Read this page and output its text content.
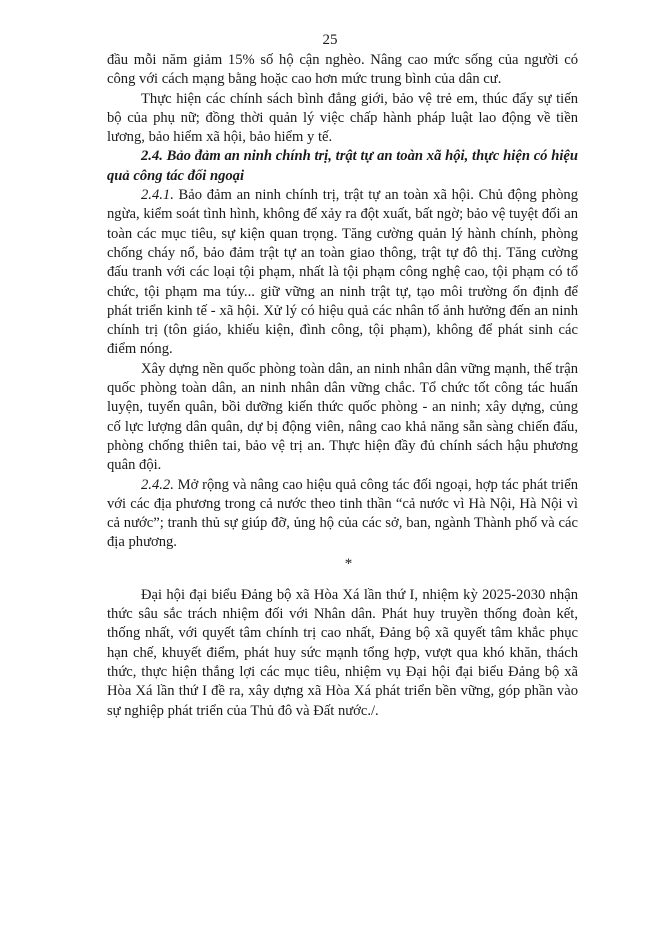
25

đầu mỗi năm giảm 15% số hộ cận nghèo. Nâng cao mức sống của người có công với cách mạng bằng hoặc cao hơn mức trung bình của dân cư.

Thực hiện các chính sách bình đẳng giới, bảo vệ trẻ em, thúc đẩy sự tiến bộ của phụ nữ; đồng thời quản lý việc chấp hành pháp luật lao động về tiền lương, bảo hiểm xã hội, bảo hiểm y tế.

2.4. Bảo đảm an ninh chính trị, trật tự an toàn xã hội, thực hiện có hiệu quả công tác đối ngoại

2.4.1. Bảo đảm an ninh chính trị, trật tự an toàn xã hội. Chủ động phòng ngừa, kiểm soát tình hình, không để xảy ra đột xuất, bất ngờ; bảo vệ tuyệt đối an toàn các mục tiêu, sự kiện quan trọng. Tăng cường quản lý hành chính, phòng chống cháy nổ, bảo đảm trật tự an toàn giao thông, trật tự đô thị. Tăng cường đấu tranh với các loại tội phạm, nhất là tội phạm công nghệ cao, tội phạm có tổ chức, tội phạm ma túy... giữ vững an ninh trật tự, tạo môi trường ổn định để phát triển kinh tế - xã hội. Xử lý có hiệu quả các nhân tố ảnh hưởng đến an ninh chính trị (tôn giáo, khiếu kiện, đình công, tội phạm), không để phát sinh các điểm nóng.

Xây dựng nền quốc phòng toàn dân, an ninh nhân dân vững mạnh, thế trận quốc phòng toàn dân, an ninh nhân dân vững chắc. Tổ chức tốt công tác huấn luyện, tuyển quân, bồi dưỡng kiến thức quốc phòng - an ninh; xây dựng, củng cố lực lượng dân quân, dự bị động viên, nâng cao khả năng sẵn sàng chiến đấu, phòng chống thiên tai, bảo vệ trị an. Thực hiện đầy đủ chính sách hậu phương quân đội.

2.4.2. Mở rộng và nâng cao hiệu quả công tác đối ngoại, hợp tác phát triển với các địa phương trong cả nước theo tinh thần “cả nước vì Hà Nội, Hà Nội vì cả nước”; tranh thủ sự giúp đỡ, ủng hộ của các sở, ban, ngành Thành phố và các địa phương.

*

Đại hội đại biểu Đảng bộ xã Hòa Xá lần thứ I, nhiệm kỳ 2025-2030 nhận thức sâu sắc trách nhiệm đối với Nhân dân. Phát huy truyền thống đoàn kết, thống nhất, với quyết tâm chính trị cao nhất, Đảng bộ xã quyết tâm khắc phục hạn chế, khuyết điểm, phát huy sức mạnh tổng hợp, vượt qua khó khăn, thách thức, thực hiện thắng lợi các mục tiêu, nhiệm vụ Đại hội đại biểu Đảng bộ xã Hòa Xá lần thứ I đề ra, xây dựng xã Hòa Xá phát triển bền vững, góp phần vào sự nghiệp phát triển của Thủ đô và Đất nước./.
